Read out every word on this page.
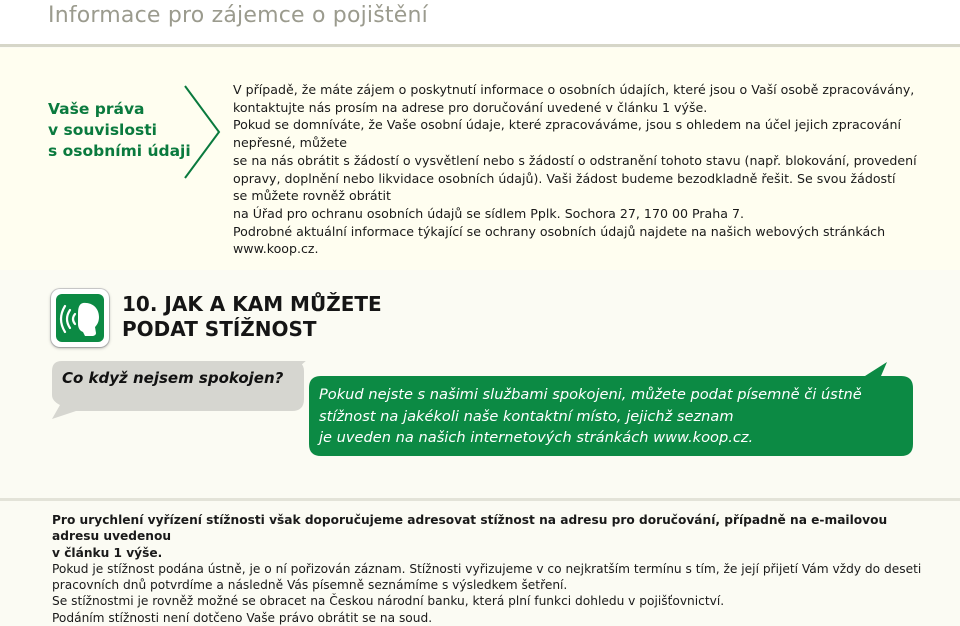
Informace pro zájemce o pojištění
Vaše práva
v souvislosti
s osobními údaji

V případě, že máte zájem o poskytnutí informace o osobních údajích, které jsou o Vaší osobě zpracovávány,

kontaktujte nás prosím na adrese pro doručování uvedené v článku 1 výše.

Pokud se domníváte, že Vaše osobní údaje, které zpracováváme, jsou s ohledem na účel jejich zpracování

nepřesné, můžete

se na nás obrátit s žádostí o vysvětlení nebo s žádostí o odstranění tohoto stavu (např. blokování, provedení

opravy, doplnění nebo likvidace osobních údajů). Vaši žádost budeme bezodkladně řešit. Se svou žádostí

se můžete rovněž obrátit

na Úřad pro ochranu osobních údajů se sídlem Pplk. Sochora 27, 170 00 Praha 7.

Podrobné aktuální informace týkající se ochrany osobních údajů najdete na našich webových stránkách

www.koop.cz.

10. JAK A KAM MŮŽETE
PODAT STÍŽNOST
Co když nejsem spokojen?
Pokud nejste s našimi službami spokojeni, můžete podat písemně či ústně
stížnost na jakékoli naše kontaktní místo, jejichž seznam
je uveden na našich internetových stránkách www.koop.cz.

Pro urychlení vyřízení stížnosti však doporučujeme adresovat stížnost na adresu pro doručování, případně na e-mailovou adresu uvedenou

v článku 1 výše.

Pokud je stížnost podána ústně, je o ní pořizován záznam. Stížnosti vyřizujeme v co nejkratším termínu s tím, že její přijetí Vám vždy do deseti

pracovních dnů potvrdíme a následně Vás písemně seznámíme s výsledkem šetření.

Se stížnostmi je rovněž možné se obracet na Českou národní banku, která plní funkci dohledu v pojišťovnictví.

Podáním stížnosti není dotčeno Vaše právo obrátit se na soud.
